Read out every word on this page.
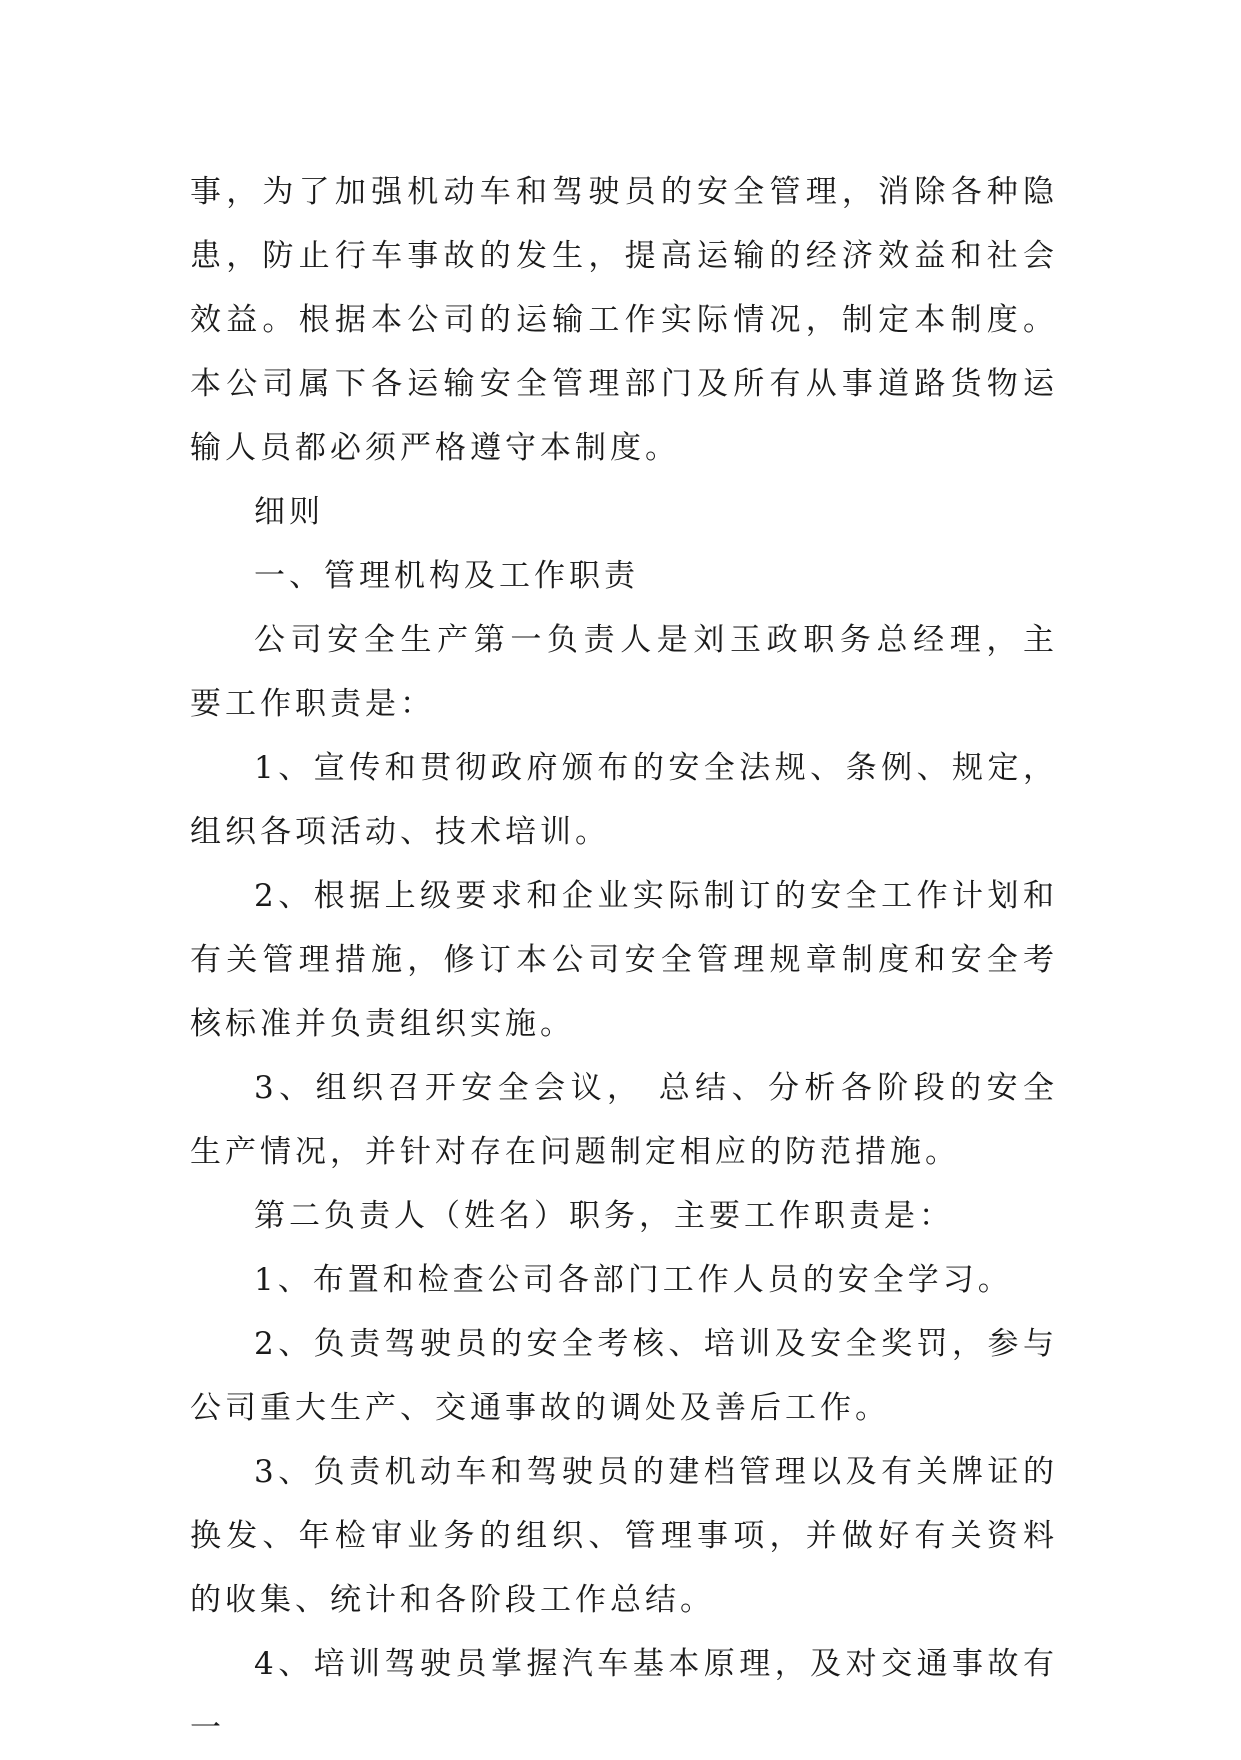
事，为了加强机动车和驾驶员的安全管理，消除各种隐患，防止行车事故的发生，提高运输的经济效益和社会效益。根据本公司的运输工作实际情况，制定本制度。本公司属下各运输安全管理部门及所有从事道路货物运输人员都必须严格遵守本制度。

细则

一、管理机构及工作职责

公司安全生产第一负责人是刘玉政职务总经理，主要工作职责是：

1、宣传和贯彻政府颁布的安全法规、条例、规定，组织各项活动、技术培训。

2、根据上级要求和企业实际制订的安全工作计划和有关管理措施，修订本公司安全管理规章制度和安全考核标准并负责组织实施。

3、组织召开安全会议， 总结、分析各阶段的安全生产情况，并针对存在问题制定相应的防范措施。

第二负责人（姓名）职务，主要工作职责是：

1、布置和检查公司各部门工作人员的安全学习。

2、负责驾驶员的安全考核、培训及安全奖罚，参与公司重大生产、交通事故的调处及善后工作。

3、负责机动车和驾驶员的建档管理以及有关牌证的换发、年检审业务的组织、管理事项，并做好有关资料的收集、统计和各阶段工作总结。

4、培训驾驶员掌握汽车基本原理，及对交通事故有一
